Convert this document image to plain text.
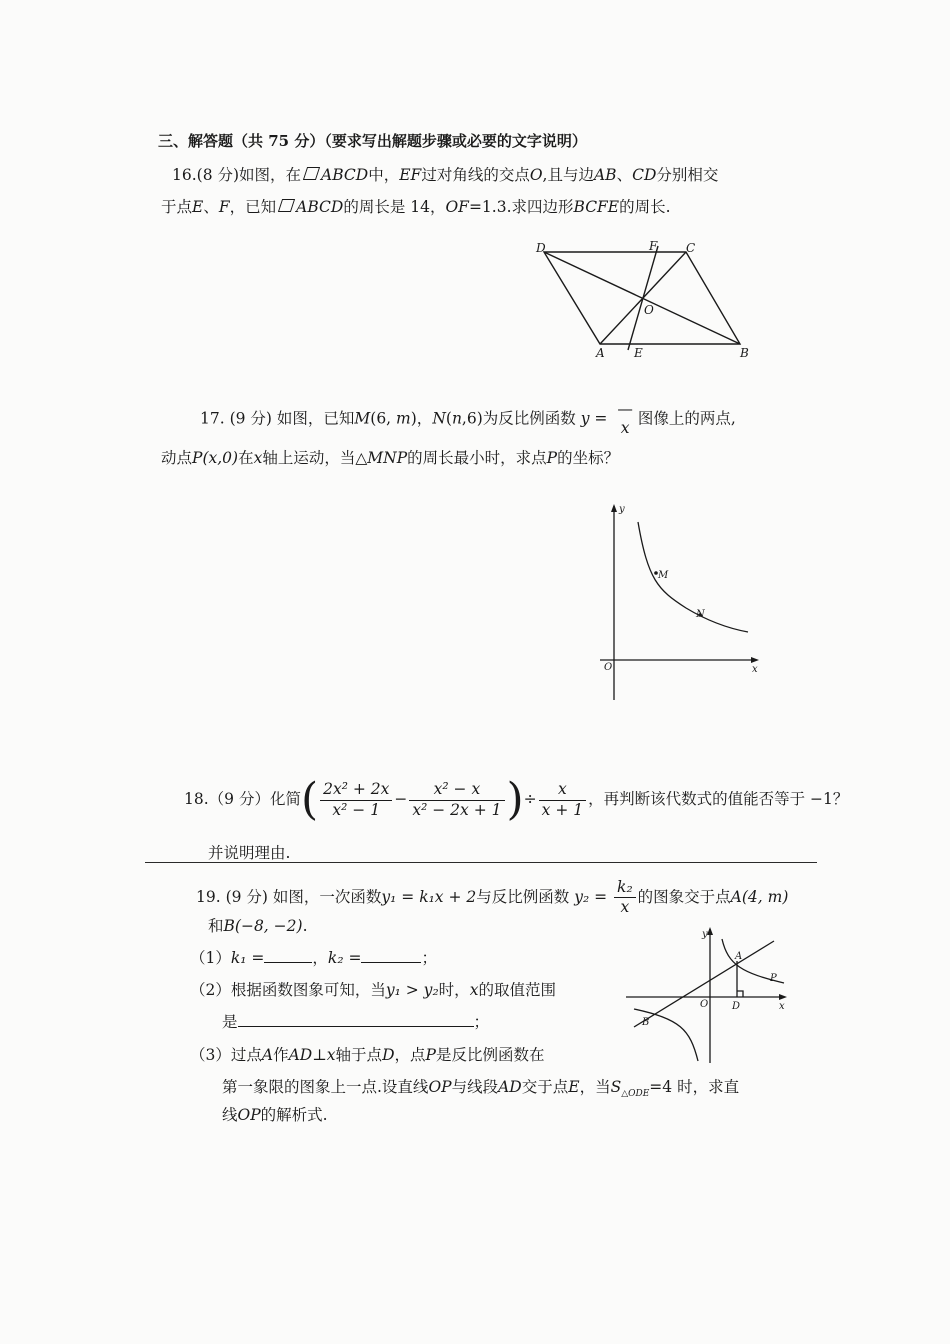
三、解答题（共 75 分）（要求写出解题步骤或必要的文字说明）
16.(8 分)如图，在 ABCD中，EF过对角线的交点O,且与边AB、CD分别相交
于点E、F，已知 ABCD的周长是 14，OF=1.3.求四边形BCFE的周长.
D	F C
O
A E	B
17. (9 分) 如图，已知M(6, m)，N(n,6)为反比例函数 y =
—
x
图像上的两点,
动点P(x,0)在x轴上运动，当△MNP的周长最小时，求点P的坐标？
y
M
N
O	x
18.（9 分）化简( $\frac{\text{2x² + 2x}}{\text{x² − 1}} - \frac{\text{x² − x}}{\text{x² − 2x + 1}}$ )÷ $\frac{x}{x + 1}$ ，再判断该代数式的值能否等于 −1？
并说明理由.
19. (9 分) 如图，一次函数y₁ = k₁x + 2与反比例函数 $y_2 = \frac{\text{k₂}}{x}$ 的图象交于点A(4, m)
和B(−8, −2).
（1）k₁ =	，k₂ =	；
（2）根据函数图象可知，当y₁ > y₂时，x的取值范围
是	；
（3）过点A作AD⊥x轴于点D，点P是反比例函数在
第一象限的图象上一点.设直线OP与线段AD交于点E，当$S_{\triangle ODE}=4$ 时，求直
线OP的解析式.
y
A
P
O D	x
B
